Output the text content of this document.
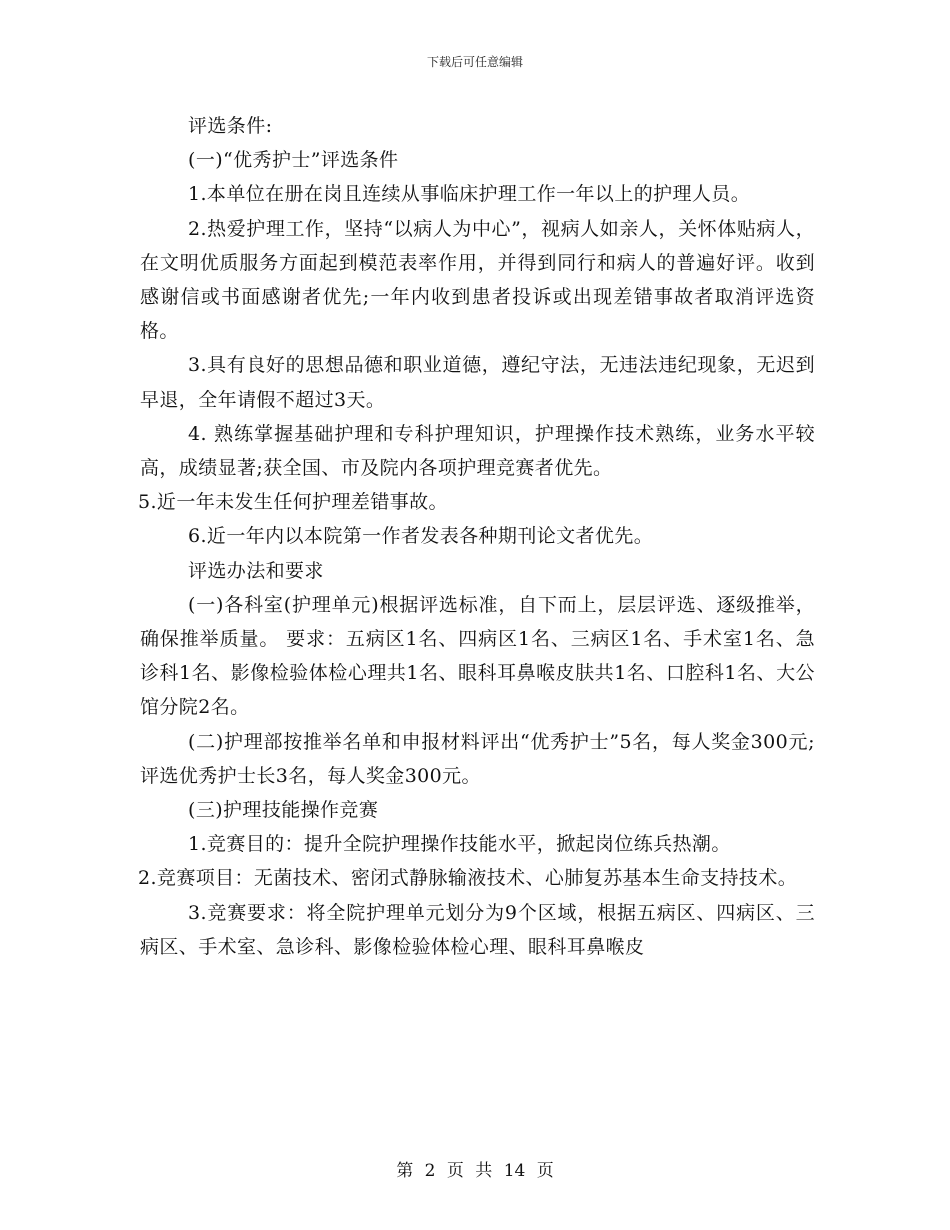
下载后可任意编辑

评选条件:

(一)“优秀护士”评选条件

1.本单位在册在岗且连续从事临床护理工作一年以上的护理人员。

2.热爱护理工作，坚持“以病人为中心”，视病人如亲人，关怀体贴病人，在文明优质服务方面起到模范表率作用，并得到同行和病人的普遍好评。收到感谢信或书面感谢者优先;一年内收到患者投诉或出现差错事故者取消评选资格。

3.具有良好的思想品德和职业道德，遵纪守法，无违法违纪现象，无迟到早退，全年请假不超过3天。

4. 熟练掌握基础护理和专科护理知识，护理操作技术熟练，业务水平较高，成绩显著;获全国、市及院内各项护理竞赛者优先。

5.近一年未发生任何护理差错事故。

6.近一年内以本院第一作者发表各种期刊论文者优先。

评选办法和要求

(一)各科室(护理单元)根据评选标准，自下而上，层层评选、逐级推举，确保推举质量。 要求：五病区1名、四病区1名、三病区1名、手术室1名、急诊科1名、影像检验体检心理共1名、眼科耳鼻喉皮肤共1名、口腔科1名、大公馆分院2名。

(二)护理部按推举名单和申报材料评出“优秀护士”5名，每人奖金300元;评选优秀护士长3名，每人奖金300元。

(三)护理技能操作竞赛

1.竞赛目的：提升全院护理操作技能水平，掀起岗位练兵热潮。

2.竞赛项目：无菌技术、密闭式静脉输液技术、心肺复苏基本生命支持技术。

3.竞赛要求：将全院护理单元划分为9个区域，根据五病区、四病区、三病区、手术室、急诊科、影像检验体检心理、眼科耳鼻喉皮

第 2 页 共 14 页
